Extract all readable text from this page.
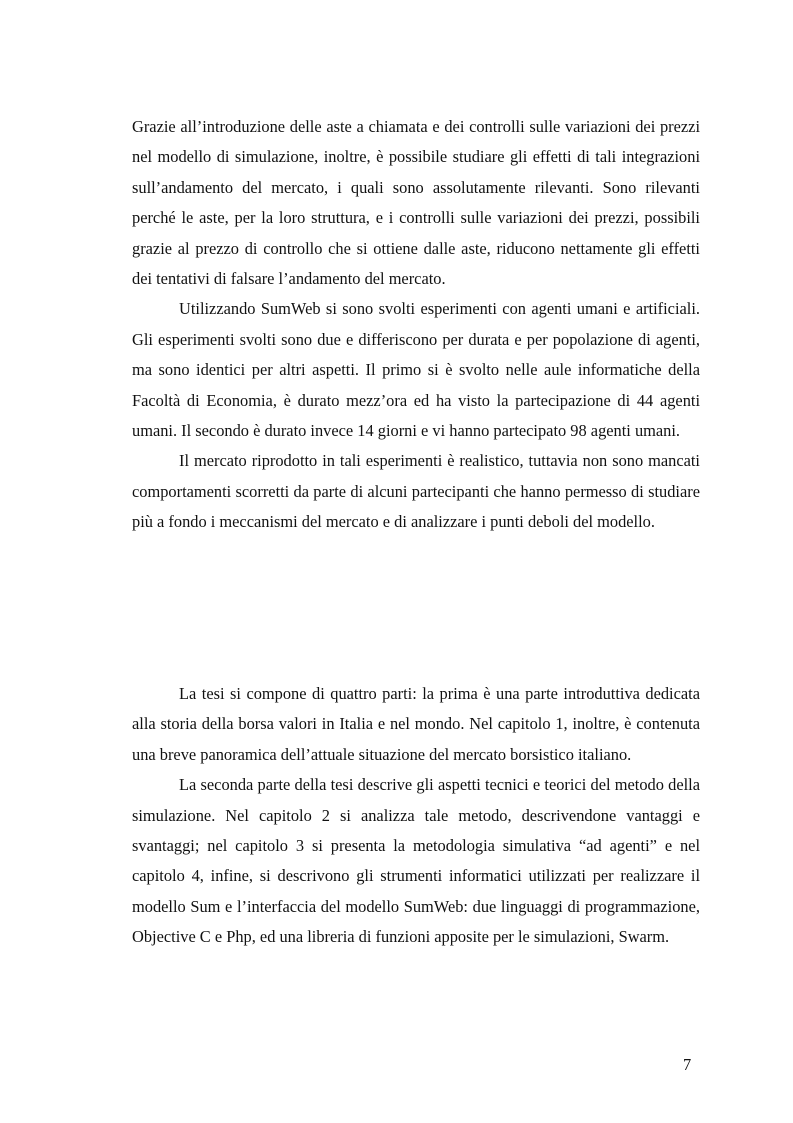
Grazie all’introduzione delle aste a chiamata e dei controlli sulle variazioni dei prezzi nel modello di simulazione, inoltre, è possibile studiare gli effetti di tali integrazioni sull’andamento del mercato, i quali sono assolutamente rilevanti. Sono rilevanti perché le aste, per la loro struttura, e i controlli sulle variazioni dei prezzi, possibili grazie al prezzo di controllo che si ottiene dalle aste, riducono nettamente gli effetti dei tentativi di falsare l’andamento del mercato.

Utilizzando SumWeb si sono svolti esperimenti con agenti umani e artificiali. Gli esperimenti svolti sono due e differiscono per durata e per popolazione di agenti, ma sono identici per altri aspetti. Il primo si è svolto nelle aule informatiche della Facoltà di Economia, è durato mezz’ora ed ha visto la partecipazione di 44 agenti umani. Il secondo è durato invece 14 giorni e vi hanno partecipato 98 agenti umani.

Il mercato riprodotto in tali esperimenti è realistico, tuttavia non sono mancati comportamenti scorretti da parte di alcuni partecipanti che hanno permesso di studiare più a fondo i meccanismi del mercato e di analizzare i punti deboli del modello.

La tesi si compone di quattro parti: la prima è una parte introduttiva dedicata alla storia della borsa valori in Italia e nel mondo. Nel capitolo 1, inoltre, è contenuta una breve panoramica dell’attuale situazione del mercato borsistico italiano.

La seconda parte della tesi descrive gli aspetti tecnici e teorici del metodo della simulazione. Nel capitolo 2 si analizza tale metodo, descrivendone vantaggi e svantaggi; nel capitolo 3 si presenta la metodologia simulativa “ad agenti” e nel capitolo 4, infine, si descrivono gli strumenti informatici utilizzati per realizzare il modello Sum e l’interfaccia del modello SumWeb: due linguaggi di programmazione, Objective C e Php, ed una libreria di funzioni apposite per le simulazioni, Swarm.

7
